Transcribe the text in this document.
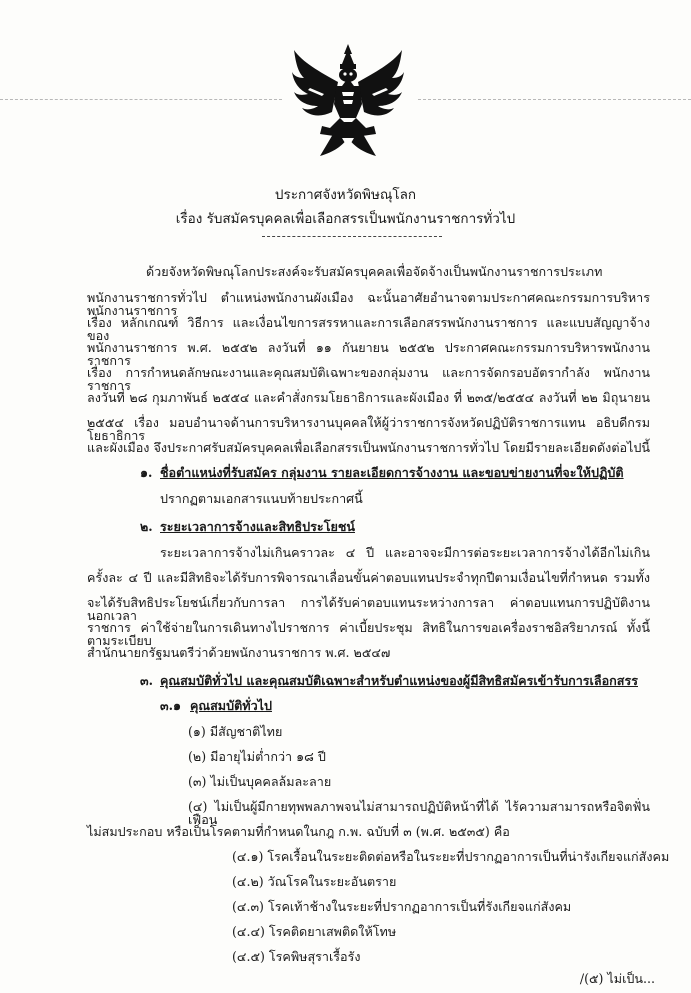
ประกาศจังหวัดพิษณุโลก
เรื่อง รับสมัครบุคคลเพื่อเลือกสรรเป็นพนักงานราชการทั่วไป
ด้วยจังหวัดพิษณุโลกประสงค์จะรับสมัครบุคคลเพื่อจัดจ้างเป็นพนักงานราชการประเภท
พนักงานราชการทั่วไป ตำแหน่งพนักงานผังเมือง ฉะนั้นอาศัยอำนาจตามประกาศคณะกรรมการบริหารพนักงานราชการ
เรื่อง หลักเกณฑ์ วิธีการ และเงื่อนไขการสรรหาและการเลือกสรรพนักงานราชการ และแบบสัญญาจ้างของ
พนักงานราชการ พ.ศ. ๒๕๕๒ ลงวันที่ ๑๑ กันยายน ๒๕๕๒ ประกาศคณะกรรมการบริหารพนักงานราชการ
เรื่อง การกำหนดลักษณะงานและคุณสมบัติเฉพาะของกลุ่มงาน และการจัดกรอบอัตรากำลัง พนักงานราชการ
ลงวันที่ ๒๘ กุมภาพันธ์ ๒๕๕๔ และคำสั่งกรมโยธาธิการและผังเมือง ที่ ๒๓๕/๒๕๕๔ ลงวันที่ ๒๒ มิถุนายน
๒๕๕๔ เรื่อง มอบอำนาจด้านการบริหารงานบุคคลให้ผู้ว่าราชการจังหวัดปฏิบัติราชการแทน อธิบดีกรมโยธาธิการ
และผังเมือง จึงประกาศรับสมัครบุคคลเพื่อเลือกสรรเป็นพนักงานราชการทั่วไป โดยมีรายละเอียดดังต่อไปนี้
๑. ชื่อตำแหน่งที่รับสมัคร กลุ่มงาน รายละเอียดการจ้างงาน และขอบข่ายงานที่จะให้ปฏิบัติ
ปรากฏตามเอกสารแนบท้ายประกาศนี้
๒. ระยะเวลาการจ้างและสิทธิประโยชน์
ระยะเวลาการจ้างไม่เกินคราวละ ๔ ปี และอาจจะมีการต่อระยะเวลาการจ้างได้อีกไม่เกิน
ครั้งละ ๔ ปี และมีสิทธิจะได้รับการพิจารณาเลื่อนขั้นค่าตอบแทนประจำทุกปีตามเงื่อนไขที่กำหนด รวมทั้ง
จะได้รับสิทธิประโยชน์เกี่ยวกับการลา การได้รับค่าตอบแทนระหว่างการลา ค่าตอบแทนการปฏิบัติงานนอกเวลา
ราชการ ค่าใช้จ่ายในการเดินทางไปราชการ ค่าเบี้ยประชุม สิทธิในการขอเครื่องราชอิสริยาภรณ์ ทั้งนี้ ตามระเบียบ
สำนักนายกรัฐมนตรีว่าด้วยพนักงานราชการ พ.ศ. ๒๕๔๗
๓. คุณสมบัติทั่วไป และคุณสมบัติเฉพาะสำหรับตำแหน่งของผู้มีสิทธิสมัครเข้ารับการเลือกสรร
๓.๑ คุณสมบัติทั่วไป
(๑) มีสัญชาติไทย
(๒) มีอายุไม่ต่ำกว่า ๑๘ ปี
(๓) ไม่เป็นบุคคลล้มละลาย
(๔) ไม่เป็นผู้มีกายทุพพลภาพจนไม่สามารถปฏิบัติหน้าที่ได้ ไร้ความสามารถหรือจิตฟั่นเฟือน
ไม่สมประกอบ หรือเป็นโรคตามที่กำหนดในกฎ ก.พ. ฉบับที่ ๓ (พ.ศ. ๒๕๓๕) คือ
(๔.๑) โรคเรื้อนในระยะติดต่อหรือในระยะที่ปรากฏอาการเป็นที่น่ารังเกียจแก่สังคม
(๔.๒) วัณโรคในระยะอันตราย
(๔.๓) โรคเท้าช้างในระยะที่ปรากฏอาการเป็นที่รังเกียจแก่สังคม
(๔.๔) โรคติดยาเสพติดให้โทษ
(๔.๕) โรคพิษสุราเรื้อรัง
/(๕) ไม่เป็น...
